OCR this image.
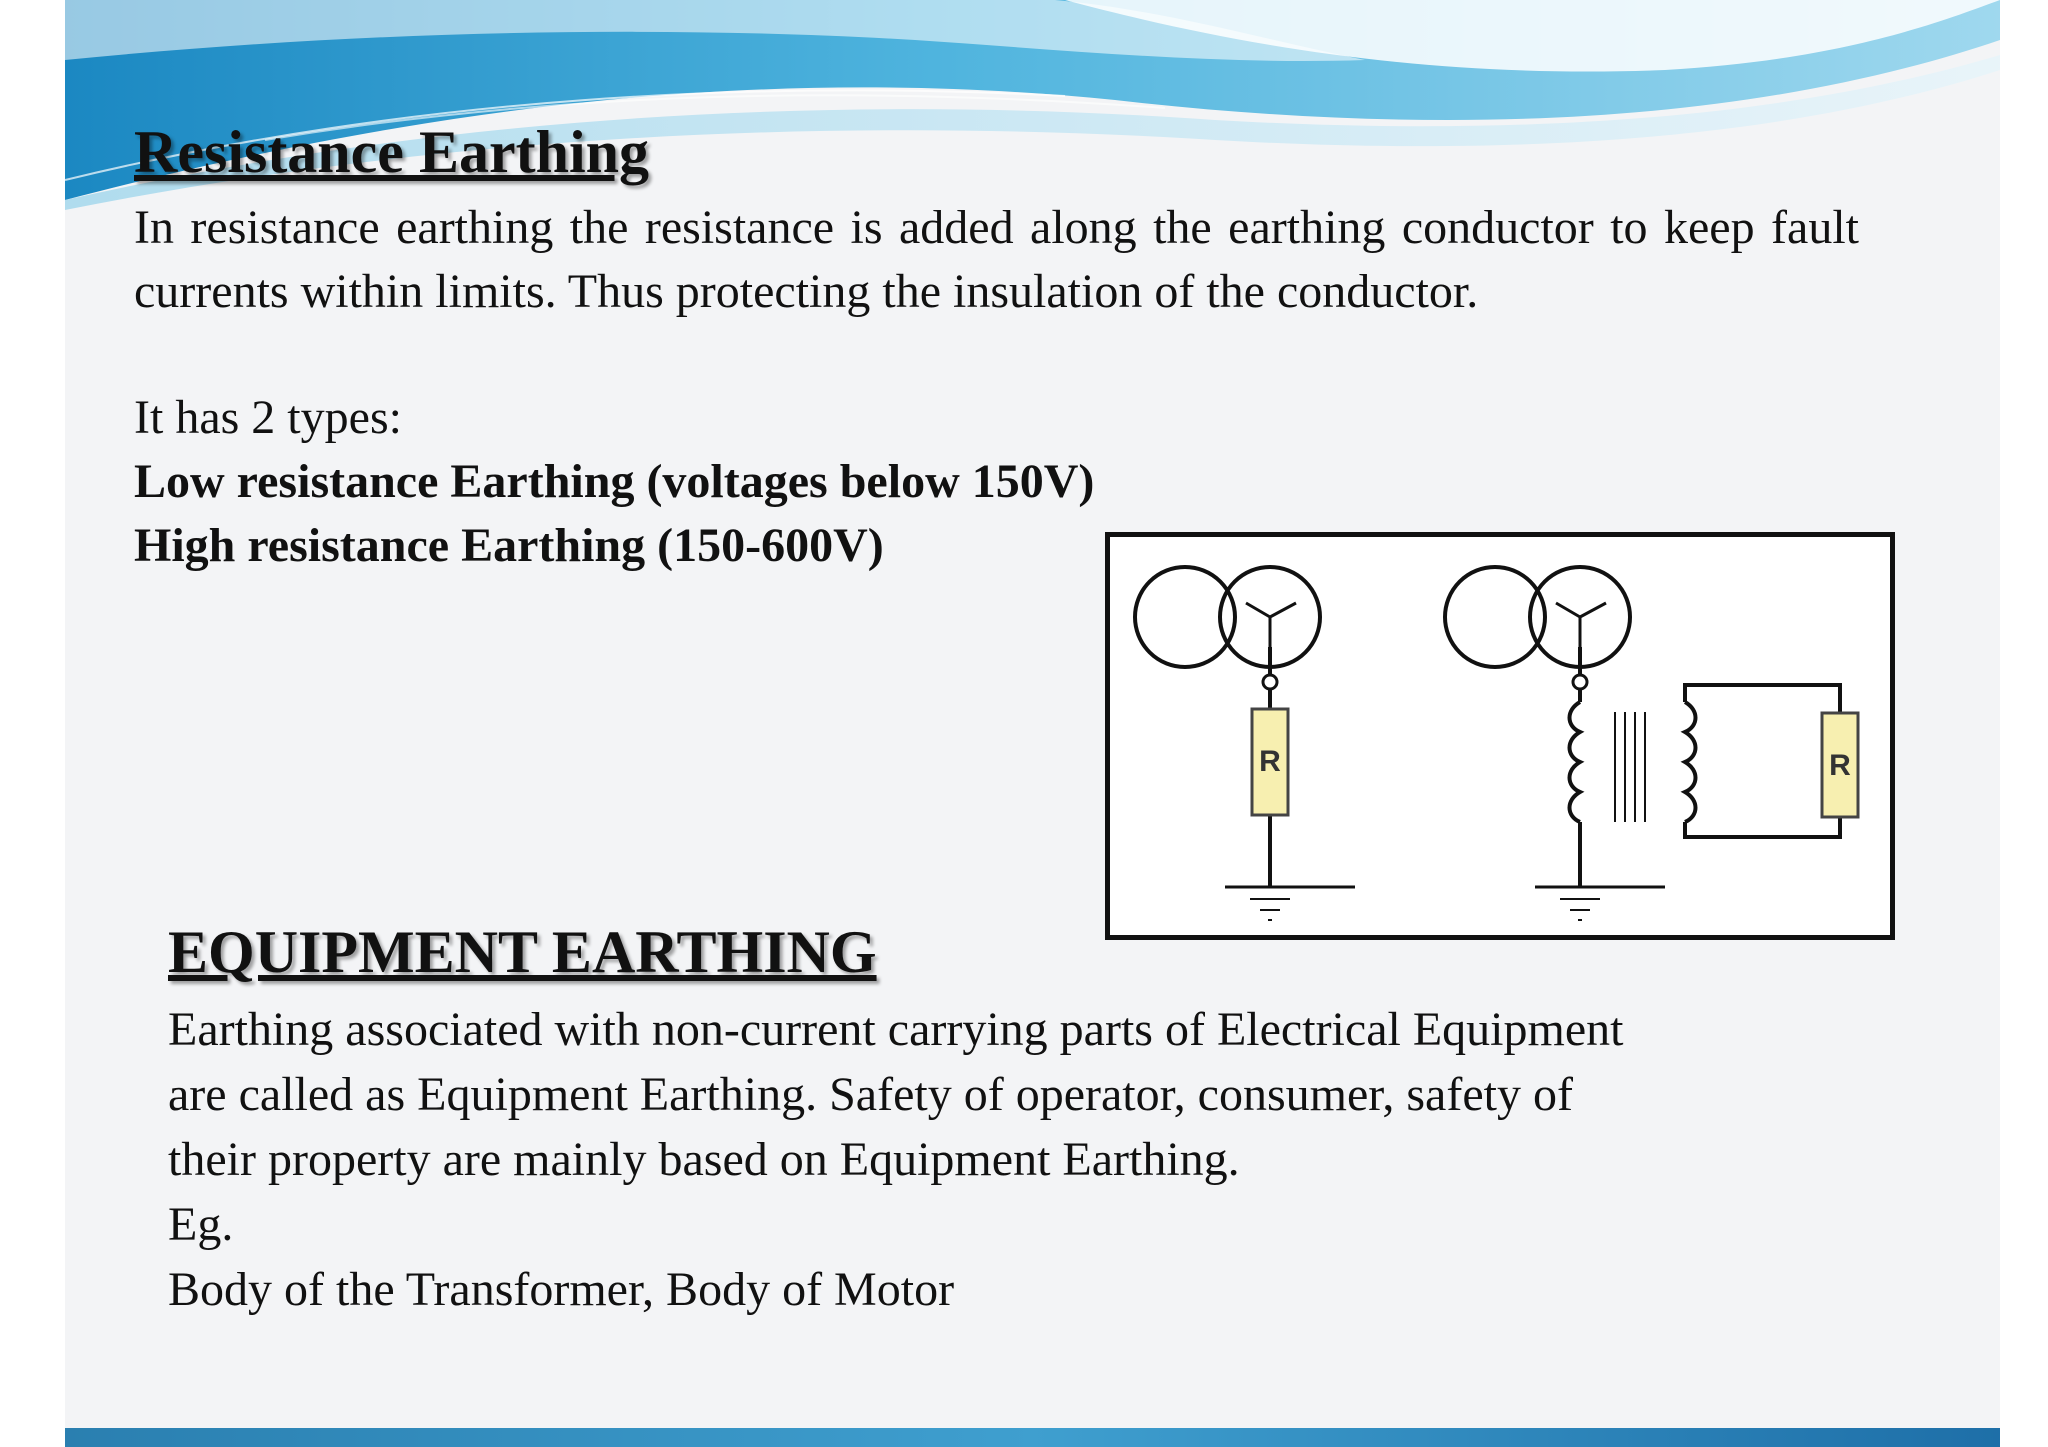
Resistance Earthing
In resistance earthing the resistance is added along the earthing conductor to keep fault currents within limits. Thus protecting the insulation of the conductor.
It has 2 types:
Low resistance Earthing (voltages below 150V)
High resistance Earthing (150-600V)
R	R
EQUIPMENT EARTHING
Earthing associated with non-current carrying parts of Electrical Equipment
are called as Equipment Earthing. Safety of operator, consumer, safety of
their property are mainly based on Equipment Earthing.
Eg.
Body of the Transformer, Body of Motor
